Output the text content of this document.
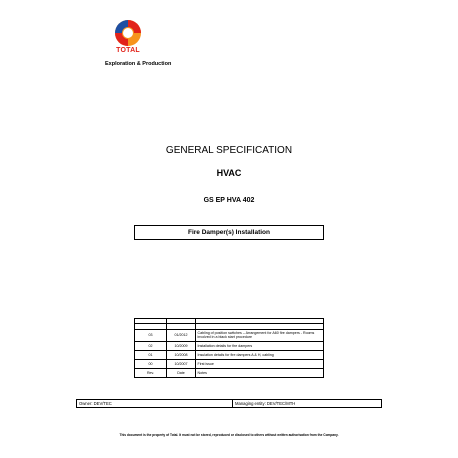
TOTAL
Exploration & Production
GENERAL SPECIFICATION
HVAC
GS EP HVA 402
Fire Damper(s) Installation

03	01/2012	Cabling of position switches – Arrangement for A60 fire dampers - Rooms involved in a black start procedure
02	10/2009	Installation details for fire dampers
01	10/2008	Insulation details for fire dampers A & H, cabling
00	10/2007	First issue
Rev.	Date	Notes
Owner: DEV/TEC	Managing entity: DEV/TEC/MTH
This document is the property of Total. It must not be stored, reproduced or disclosed to others without written authorisation from the Company.
